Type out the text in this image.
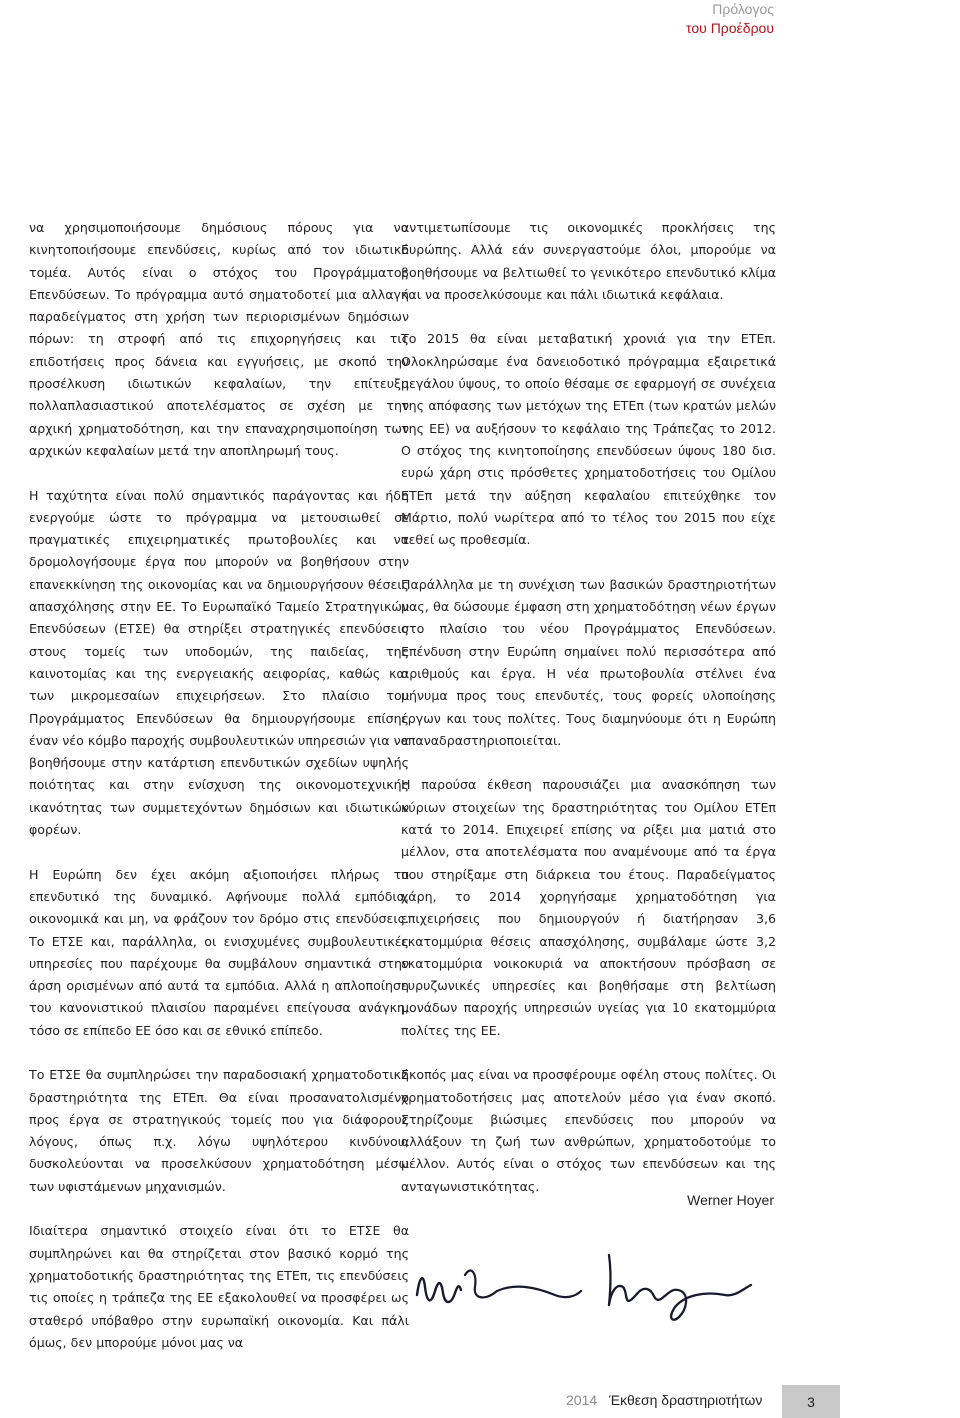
Πρόλογος
του Προέδρου

να χρησιμοποιήσουμε δημόσιους πόρους για να κινητοποιήσουμε επενδύσεις, κυρίως από τον ιδιωτικό τομέα. Αυτός είναι ο στόχος του Προγράμματος Επενδύσεων. Το πρόγραμμα αυτό σηματοδοτεί μια αλλαγή παραδείγματος στη χρήση των περιορισμένων δημόσιων πόρων: τη στροφή από τις επιχορηγήσεις και τις επιδοτήσεις προς δάνεια και εγγυήσεις, με σκοπό την προσέλκυση ιδιωτικών κεφαλαίων, την επίτευξη πολλαπλασιαστικού αποτελέσματος σε σχέση με την αρχική χρηματοδότηση, και την επαναχρησιμοποίηση των αρχικών κεφαλαίων μετά την αποπληρωμή τους.

Η ταχύτητα είναι πολύ σημαντικός παράγοντας και ήδη ενεργούμε ώστε το πρόγραμμα να μετουσιωθεί σε πραγματικές επιχειρηματικές πρωτοβουλίες και να δρομολογήσουμε έργα που μπορούν να βοηθήσουν στην επανεκκίνηση της οικονομίας και να δημιουργήσουν θέσεις απασχόλησης στην ΕΕ. Το Ευρωπαϊκό Ταμείο Στρατηγικών Επενδύσεων (ΕΤΣΕ) θα στηρίξει στρατηγικές επενδύσεις στους τομείς των υποδομών, της παιδείας, της καινοτομίας και της ενεργειακής αειφορίας, καθώς και των μικρομεσαίων επιχειρήσεων. Στο πλαίσιο του Προγράμματος Επενδύσεων θα δημιουργήσουμε επίσης έναν νέο κόμβο παροχής συμβουλευτικών υπηρεσιών για να βοηθήσουμε στην κατάρτιση επενδυτικών σχεδίων υψηλής ποιότητας και στην ενίσχυση της οικονομοτεχνικής ικανότητας των συμμετεχόντων δημόσιων και ιδιωτικών φορέων.

Η Ευρώπη δεν έχει ακόμη αξιοποιήσει πλήρως το επενδυτικό της δυναμικό. Αφήνουμε πολλά εμπόδια, οικονομικά και μη, να φράζουν τον δρόμο στις επενδύσεις. Το ΕΤΣΕ και, παράλληλα, οι ενισχυμένες συμβουλευτικές υπηρεσίες που παρέχουμε θα συμβάλουν σημαντικά στην άρση ορισμένων από αυτά τα εμπόδια. Αλλά η απλοποίηση του κανονιστικού πλαισίου παραμένει επείγουσα ανάγκη, τόσο σε επίπεδο ΕΕ όσο και σε εθνικό επίπεδο.

Το ΕΤΣΕ θα συμπληρώσει την παραδοσιακή χρηματοδοτική δραστηριότητα της ΕΤΕπ. Θα είναι προσανατολισμένο προς έργα σε στρατηγικούς τομείς που για διάφορους λόγους, όπως π.χ. λόγω υψηλότερου κινδύνου, δυσκολεύονται να προσελκύσουν χρηματοδότηση μέσω των υφιστάμενων μηχανισμών.

Ιδιαίτερα σημαντικό στοιχείο είναι ότι το ΕΤΣΕ θα συμπληρώνει και θα στηρίζεται στον βασικό κορμό της χρηματοδοτικής δραστηριότητας της ΕΤΕπ, τις επενδύσεις τις οποίες η τράπεζα της ΕΕ εξακολουθεί να προσφέρει ως σταθερό υπόβαθρο στην ευρωπαϊκή οικονομία. Και πάλι όμως, δεν μπορούμε μόνοι μας να

αντιμετωπίσουμε τις οικονομικές προκλήσεις της Ευρώπης. Αλλά εάν συνεργαστούμε όλοι, μπορούμε να βοηθήσουμε να βελτιωθεί το γενικότερο επενδυτικό κλίμα και να προσελκύσουμε και πάλι ιδιωτικά κεφάλαια.

Το 2015 θα είναι μεταβατική χρονιά για την ΕΤΕπ. Ολοκληρώσαμε ένα δανειοδοτικό πρόγραμμα εξαιρετικά μεγάλου ύψους, το οποίο θέσαμε σε εφαρμογή σε συνέχεια της απόφασης των μετόχων της ΕΤΕπ (των κρατών μελών της ΕΕ) να αυξήσουν το κεφάλαιο της Τράπεζας το 2012. Ο στόχος της κινητοποίησης επενδύσεων ύψους 180 δισ. ευρώ χάρη στις πρόσθετες χρηματοδοτήσεις του Ομίλου ΕΤΕπ μετά την αύξηση κεφαλαίου επιτεύχθηκε τον Μάρτιο, πολύ νωρίτερα από το τέλος του 2015 που είχε τεθεί ως προθεσμία.

Παράλληλα με τη συνέχιση των βασικών δραστηριοτήτων μας, θα δώσουμε έμφαση στη χρηματοδότηση νέων έργων στο πλαίσιο του νέου Προγράμματος Επενδύσεων. Επένδυση στην Ευρώπη σημαίνει πολύ περισσότερα από αριθμούς και έργα. Η νέα πρωτοβουλία στέλνει ένα μήνυμα προς τους επενδυτές, τους φορείς υλοποίησης έργων και τους πολίτες. Τους διαμηνύουμε ότι η Ευρώπη επαναδραστηριοποιείται.

Η παρούσα έκθεση παρουσιάζει μια ανασκόπηση των κύριων στοιχείων της δραστηριότητας του Ομίλου ΕΤΕπ κατά το 2014. Επιχειρεί επίσης να ρίξει μια ματιά στο μέλλον, στα αποτελέσματα που αναμένουμε από τα έργα που στηρίξαμε στη διάρκεια του έτους. Παραδείγματος χάρη, το 2014 χορηγήσαμε χρηματοδότηση για επιχειρήσεις που δημιουργούν ή διατήρησαν 3,6 εκατομμύρια θέσεις απασχόλησης, συμβάλαμε ώστε 3,2 εκατομμύρια νοικοκυριά να αποκτήσουν πρόσβαση σε ευρυζωνικές υπηρεσίες και βοηθήσαμε στη βελτίωση μονάδων παροχής υπηρεσιών υγείας για 10 εκατομμύρια πολίτες της ΕΕ.

Σκοπός μας είναι να προσφέρουμε οφέλη στους πολίτες. Οι χρηματοδοτήσεις μας αποτελούν μέσο για έναν σκοπό. Στηρίζουμε βιώσιμες επενδύσεις που μπορούν να αλλάξουν τη ζωή των ανθρώπων, χρηματοδοτούμε το μέλλον. Αυτός είναι ο στόχος των επενδύσεων και της ανταγωνιστικότητας.

Werner Hoyer
2014 Έκθεση δραστηριοτήτων	3
